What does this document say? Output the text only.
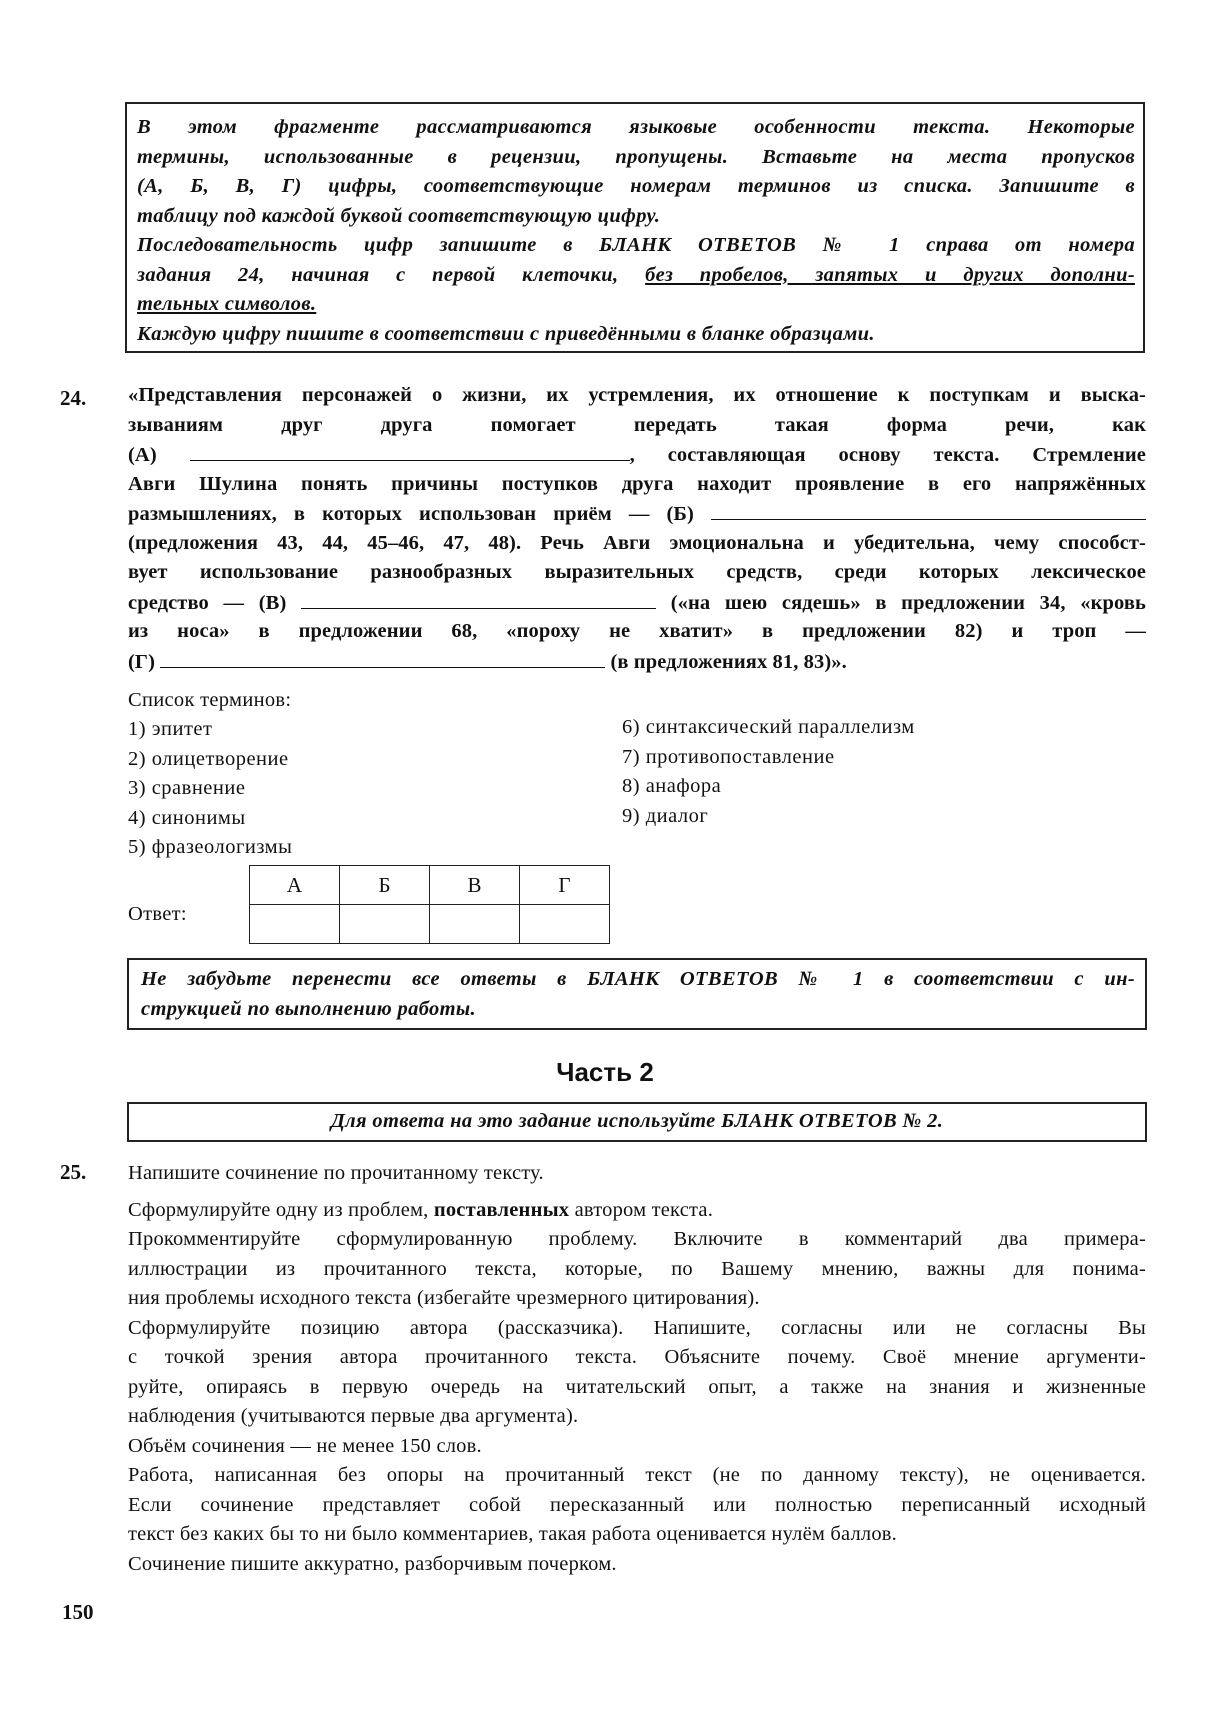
В этом фрагменте рассматриваются языковые особенности текста. Некоторые
термины, использованные в рецензии, пропущены. Вставьте на места пропусков
(А, Б, В, Г) цифры, соответствующие номерам терминов из списка. Запишите в
таблицу под каждой буквой соответствующую цифру.
Последовательность цифр запишите в БЛАНК ОТВЕТОВ № 1 справа от номера
задания 24, начиная с первой клеточки, без пробелов, запятых и других дополни-
тельных символов.
Каждую цифру пишите в соответствии с приведёнными в бланке образцами.
24. «Представления персонажей о жизни, их устремления, их отношение к поступкам и выска-
зываниям друг друга помогает передать такая форма речи, как
(А)	, составляющая основу текста. Стремление
Авги Шулина понять причины поступков друга находит проявление в его напряжённых
размышлениях, в которых использован приём — (Б)
(предложения 43, 44, 45–46, 47, 48). Речь Авги эмоциональна и убедительна, чему способст-
вует использование разнообразных выразительных средств, среди которых лексическое
средство — (В)	(«на шею сядешь» в предложении 34, «кровь
из носа» в предложении 68, «пороху не хватит» в предложении 82) и троп —
(Г)	(в предложениях 81, 83)».
Список терминов:
1) эпитет
2) олицетворение
3) сравнение
4) синонимы
5) фразеологизмы
6) синтаксический параллелизм
7) противопоставление
8) анафора
9) диалог
Ответ:
А	Б	В	Г

Не забудьте перенести все ответы в БЛАНК ОТВЕТОВ № 1 в соответствии с ин-
струкцией по выполнению работы.
Часть 2
Для ответа на это задание используйте БЛАНК ОТВЕТОВ № 2.
25. Напишите сочинение по прочитанному тексту.

Сформулируйте одну из проблем, поставленных автором текста.

Прокомментируйте сформулированную проблему. Включите в комментарий два примера-
иллюстрации из прочитанного текста, которые, по Вашему мнению, важны для понима-
ния проблемы исходного текста (избегайте чрезмерного цитирования).
Сформулируйте позицию автора (рассказчика). Напишите, согласны или не согласны Вы
с точкой зрения автора прочитанного текста. Объясните почему. Своё мнение аргументи-
руйте, опираясь в первую очередь на читательский опыт, а также на знания и жизненные
наблюдения (учитываются первые два аргумента).
Объём сочинения — не менее 150 слов.
Работа, написанная без опоры на прочитанный текст (не по данному тексту), не оценивается.
Если сочинение представляет собой пересказанный или полностью переписанный исходный
текст без каких бы то ни было комментариев, такая работа оценивается нулём баллов.
Сочинение пишите аккуратно, разборчивым почерком.
150
